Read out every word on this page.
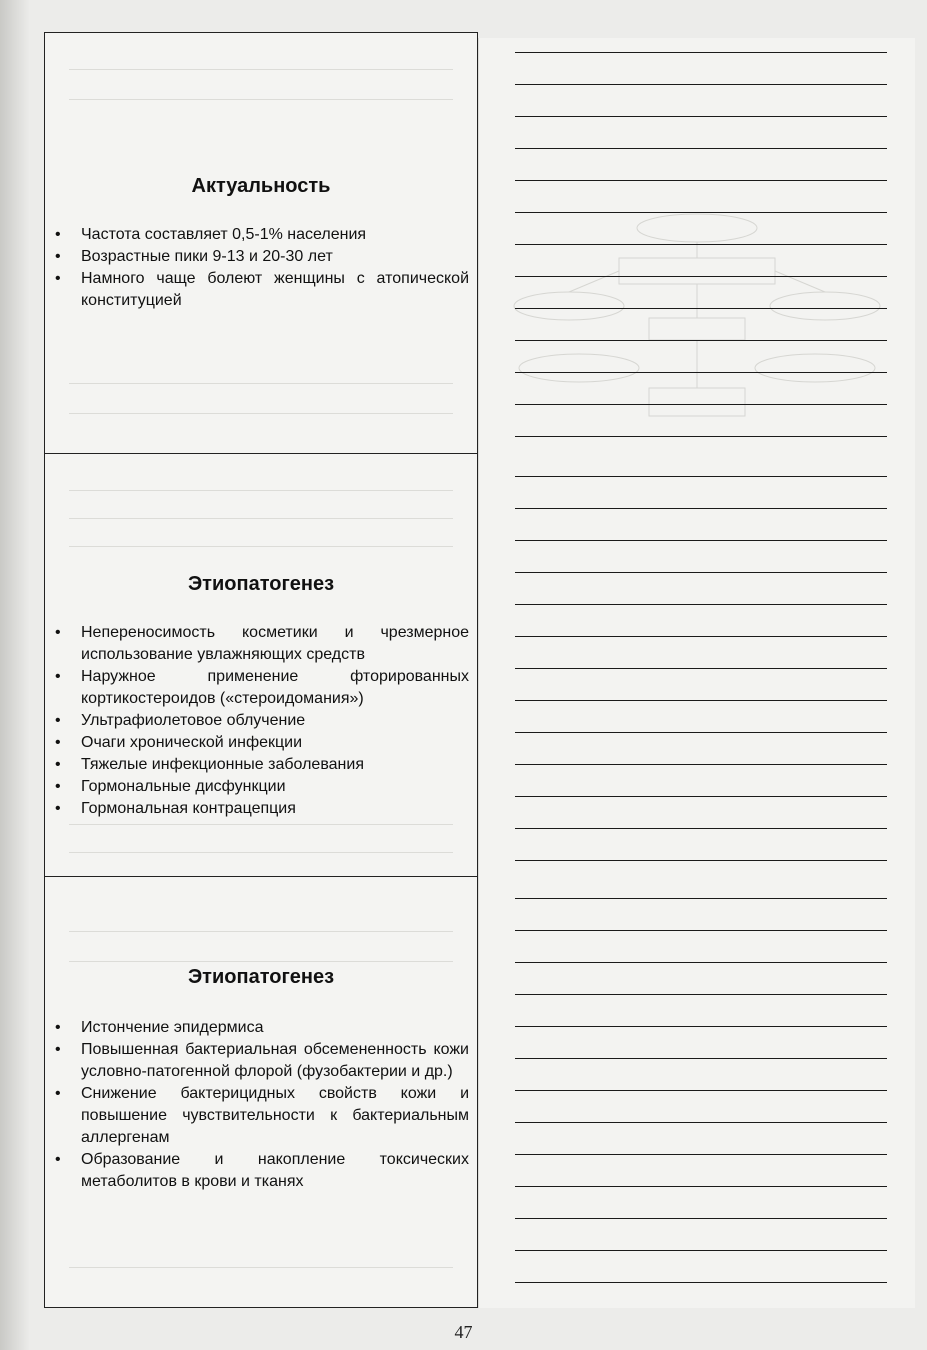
Актуальность
• Частота составляет 0,5-1% населения
• Возрастные пики 9-13 и 20-30 лет
• Намного чаще болеют женщины с атопической конституцией
Этиопатогенез
• Непереносимость косметики и чрезмерное использование увлажняющих средств
• Наружное применение фторированных кортикостероидов («стероидомания»)
• Ультрафиолетовое облучение
• Очаги хронической инфекции
• Тяжелые инфекционные заболевания
• Гормональные дисфункции
• Гормональная контрацепция
Этиопатогенез
• Истончение эпидермиса
• Повышенная бактериальная обсемененность кожи условно-патогенной флорой (фузобактерии и др.)
• Снижение бактерицидных свойств кожи и повышение чувствительности к бактериальным аллергенам
• Образование и накопление токсических метаболитов в крови и тканях
47
